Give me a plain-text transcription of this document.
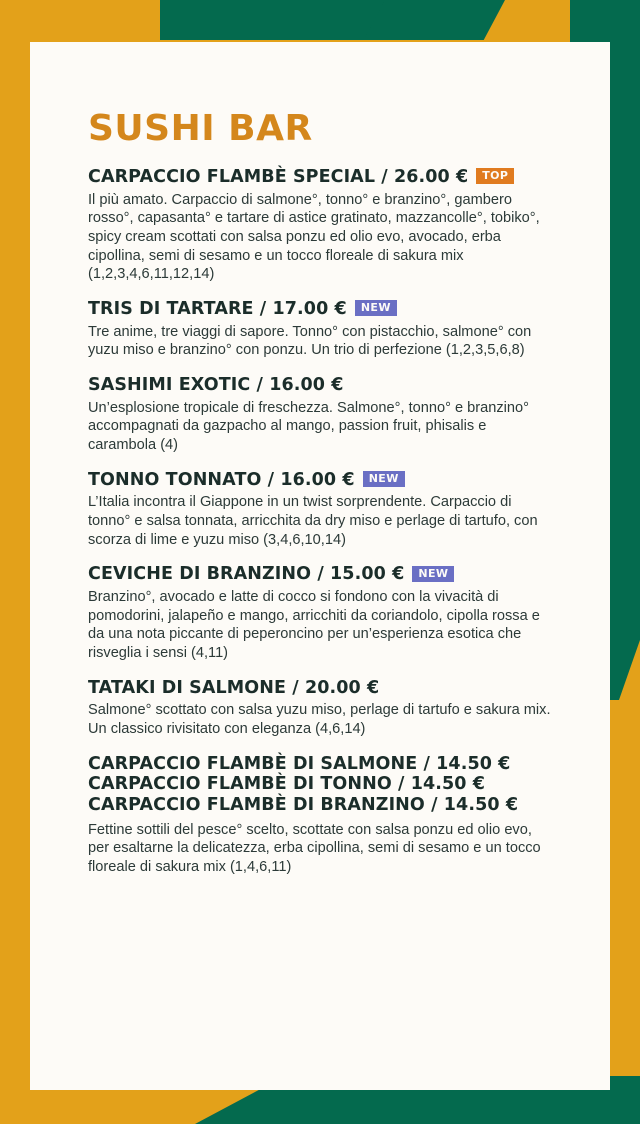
SUSHI BAR
CARPACCIO FLAMBÈ SPECIAL / 26.00 €	TOP

Il più amato. Carpaccio di salmone°, tonno° e branzino°, gambero rosso°, capasanta° e tartare di astice gratinato, mazzancolle°, tobiko°, spicy cream scottati con salsa ponzu ed olio evo, avocado, erba cipollina, semi di sesamo e un tocco floreale di sakura mix (1,2,3,4,6,11,12,14)

TRIS DI TARTARE / 17.00 €	NEW

Tre anime, tre viaggi di sapore. Tonno° con pistacchio, salmone° con yuzu miso e branzino° con ponzu. Un trio di perfezione (1,2,3,5,6,8)

SASHIMI EXOTIC / 16.00 €

Un’esplosione tropicale di freschezza. Salmone°, tonno° e branzino° accompagnati da gazpacho al mango, passion fruit, phisalis e carambola (4)

TONNO TONNATO / 16.00 €	NEW

L’Italia incontra il Giappone in un twist sorprendente. Carpaccio di tonno° e salsa tonnata, arricchita da dry miso e perlage di tartufo, con scorza di lime e yuzu miso (3,4,6,10,14)

CEVICHE DI BRANZINO / 15.00 €	NEW

Branzino°, avocado e latte di cocco si fondono con la vivacità di pomodorini, jalapeño e mango, arricchiti da coriandolo, cipolla rossa e da una nota piccante di peperoncino per un’esperienza esotica che risveglia i sensi (4,11)

TATAKI DI SALMONE / 20.00 €

Salmone° scottato con salsa yuzu miso, perlage di tartufo e sakura mix. Un classico rivisitato con eleganza (4,6,14)

CARPACCIO FLAMBÈ DI SALMONE / 14.50 €
CARPACCIO FLAMBÈ DI TONNO / 14.50 €
CARPACCIO FLAMBÈ DI BRANZINO / 14.50 €

Fettine sottili del pesce° scelto, scottate con salsa ponzu ed olio evo, per esaltarne la delicatezza, erba cipollina, semi di sesamo e un tocco floreale di sakura mix (1,4,6,11)
